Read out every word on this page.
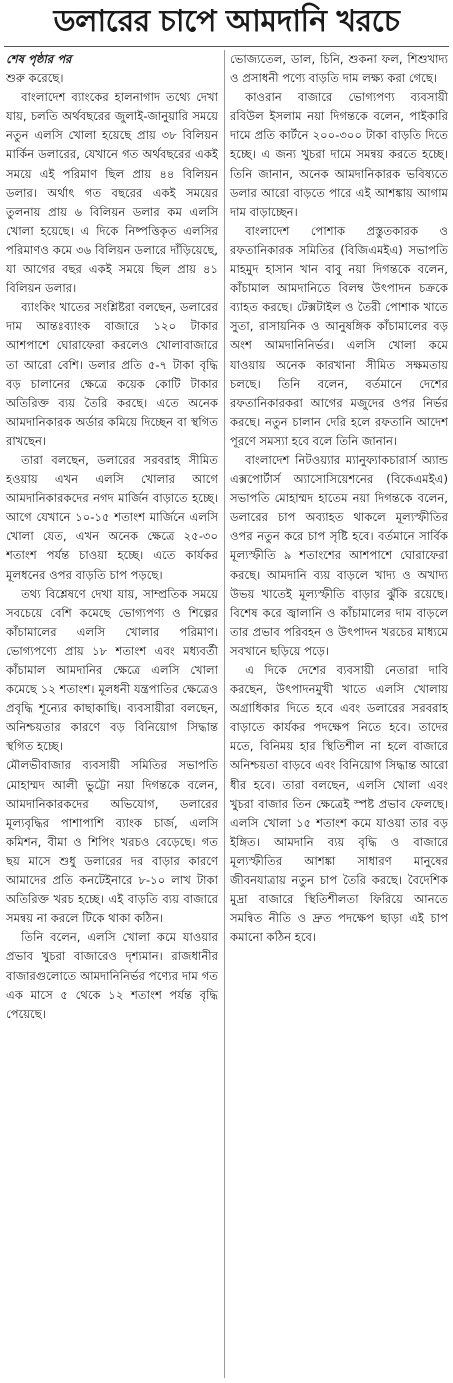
ডলারের চাপে আমদানি খরচে
শেষ পৃষ্ঠার পর

শুরু করেছে।

বাংলাদেশ ব্যাংকের হালনাগাদ তথ্যে দেখা যায়, চলতি অর্থবছরের জুলাই-জানুয়ারি সময়ে নতুন এলসি খোলা হয়েছে প্রায় ৩৮ বিলিয়ন মার্কিন ডলারের, যেখানে গত অর্থবছরের একই সময়ে এই পরিমাণ ছিল প্রায় ৪৪ বিলিয়ন ডলার। অর্থাৎ গত বছরের একই সময়ের তুলনায় প্রায় ৬ বিলিয়ন ডলার কম এলসি খোলা হয়েছে। এ দিকে নিষ্পত্তিকৃত এলসির পরিমাণও কমে ৩৬ বিলিয়ন ডলারে দাঁড়িয়েছে, যা আগের বছর একই সময়ে ছিল প্রায় ৪১ বিলিয়ন ডলার।

ব্যাংকিং খাতের সংশ্লিষ্টরা বলছেন, ডলারের দাম আন্তঃব্যাংক বাজারে ১২০ টাকার আশপাশে ঘোরাফেরা করলেও খোলাবাজারে তা আরো বেশি। ডলার প্রতি ৫-৭ টাকা বৃদ্ধি বড় চালানের ক্ষেত্রে কয়েক কোটি টাকার অতিরিক্ত ব্যয় তৈরি করছে। এতে অনেক আমদানিকারক অর্ডার কমিয়ে দিচ্ছেন বা স্থগিত রাখছেন।

তারা বলছেন, ডলারের সরবরাহ সীমিত হওয়ায় এখন এলসি খোলার আগে আমদানিকারকদের নগদ মার্জিন বাড়াতে হচ্ছে। আগে যেখানে ১০-১৫ শতাংশ মার্জিনে এলসি খোলা যেত, এখন অনেক ক্ষেত্রে ২৫-৩০ শতাংশ পর্যন্ত চাওয়া হচ্ছে। এতে কার্যকর মূলধনের ওপর বাড়তি চাপ পড়ছে।

তথ্য বিশ্লেষণে দেখা যায়, সাম্প্রতিক সময়ে সবচেয়ে বেশি কমেছে ভোগ্যপণ্য ও শিল্পের কাঁচামালের এলসি খোলার পরিমাণ। ভোগ্যপণ্যে প্রায় ১৮ শতাংশ এবং মধ্যবর্তী কাঁচামাল আমদানির ক্ষেত্রে এলসি খোলা কমেছে ১২ শতাংশ। মূলধনী যন্ত্রপাতির ক্ষেত্রেও প্রবৃদ্ধি শূন্যের কাছাকাছি। ব্যবসায়ীরা বলছেন, অনিশ্চয়তার কারণে বড় বিনিয়োগ সিদ্ধান্ত স্থগিত হচ্ছে।

মৌলভীবাজার ব্যবসায়ী সমিতির সভাপতি মোহাম্মদ আলী ভুট্টো নয়া দিগন্তকে বলেন, আমদানিকারকদের অভিযোগ, ডলারের মূল্যবৃদ্ধির পাশাপাশি ব্যাংক চার্জ, এলসি কমিশন, বীমা ও শিপিং খরচও বেড়েছে। গত ছয় মাসে শুধু ডলারের দর বাড়ার কারণে আমাদের প্রতি কনটেইনারে ৮-১০ লাখ টাকা অতিরিক্ত খরচ হচ্ছে। এই বাড়তি ব্যয় বাজারে সমন্বয় না করলে টিকে থাকা কঠিন।

তিনি বলেন, এলসি খোলা কমে যাওয়ার প্রভাব খুচরা বাজারেও দৃশ্যমান। রাজধানীর বাজারগুলোতে আমদানিনির্ভর পণ্যের দাম গত এক মাসে ৫ থেকে ১২ শতাংশ পর্যন্ত বৃদ্ধি পেয়েছে।

ভোজ্যতেল, ডাল, চিনি, শুকনা ফল, শিশুখাদ্য ও প্রসাধনী পণ্যে বাড়তি দাম লক্ষ্য করা গেছে।

কাওরান বাজারে ভোগ্যপণ্য ব্যবসায়ী রবিউল ইসলাম নয়া দিগন্তকে বলেন, পাইকারি দামে প্রতি কার্টনে ২০০-৩০০ টাকা বাড়তি দিতে হচ্ছে। এ জন্য খুচরা দামে সমন্বয় করতে হচ্ছে। তিনি জানান, অনেক আমদানিকারক ভবিষ্যতে ডলার আরো বাড়তে পারে এই আশঙ্কায় আগাম দাম বাড়াচ্ছেন।

বাংলাদেশ পোশাক প্রস্তুতকারক ও রফতানিকারক সমিতির (বিজিএমইএ) সভাপতি মাহমুদ হাসান খান বাবু নয়া দিগন্তকে বলেন, কাঁচামাল আমদানিতে বিলম্ব উৎপাদন চক্রকে ব্যাহত করছে। টেক্সটাইল ও তৈরী পোশাক খাতে সুতা, রাসায়নিক ও আনুষঙ্গিক কাঁচামালের বড় অংশ আমদানিনির্ভর। এলসি খোলা কমে যাওয়ায় অনেক কারখানা সীমিত সক্ষমতায় চলছে। তিনি বলেন, বর্তমানে দেশের রফতানিকারকরা আগের মজুদের ওপর নির্ভর করছে। নতুন চালান দেরি হলে রফতানি আদেশ পূরণে সমস্যা হবে বলে তিনি জানান।

বাংলাদেশ নিটওয়্যার ম্যানুফ্যাকচারার্স অ্যান্ড এক্সপোর্টার্স অ্যাসোসিয়েশনের (বিকেএমইএ) সভাপতি মোহাম্মদ হাতেম নয়া দিগন্তকে বলেন, ডলারের চাপ অব্যাহত থাকলে মূল্যস্ফীতির ওপর নতুন করে চাপ সৃষ্টি হবে। বর্তমানে সার্বিক মূল্যস্ফীতি ৯ শতাংশের আশপাশে ঘোরাফেরা করছে। আমদানি ব্যয় বাড়লে খাদ্য ও অখাদ্য উভয় খাতেই মূল্যস্ফীতি বাড়ার ঝুঁকি রয়েছে। বিশেষ করে জ্বালানি ও কাঁচামালের দাম বাড়লে তার প্রভাব পরিবহন ও উৎপাদন খরচের মাধ্যমে সবখানে ছড়িয়ে পড়ে।

এ দিকে দেশের ব্যবসায়ী নেতারা দাবি করছেন, উৎপাদনমুখী খাতে এলসি খোলায় অগ্রাধিকার দিতে হবে এবং ডলারের সরবরাহ বাড়াতে কার্যকর পদক্ষেপ নিতে হবে। তাদের মতে, বিনিময় হার স্থিতিশীল না হলে বাজারে অনিশ্চয়তা বাড়বে এবং বিনিয়োগ সিদ্ধান্ত আরো ধীর হবে। তারা বলছেন, এলসি খোলা এবং খুচরা বাজার তিন ক্ষেত্রেই স্পষ্ট প্রভাব ফেলছে। এলসি খোলা ১৫ শতাংশ কমে যাওয়া তার বড় ইঙ্গিত। আমদানি ব্যয় বৃদ্ধি ও বাজারে মূল্যস্ফীতির আশঙ্কা সাধারণ মানুষের জীবনযাত্রায় নতুন চাপ তৈরি করছে। বৈদেশিক মুদ্রা বাজারে স্থিতিশীলতা ফিরিয়ে আনতে সমন্বিত নীতি ও দ্রুত পদক্ষেপ ছাড়া এই চাপ কমানো কঠিন হবে।
